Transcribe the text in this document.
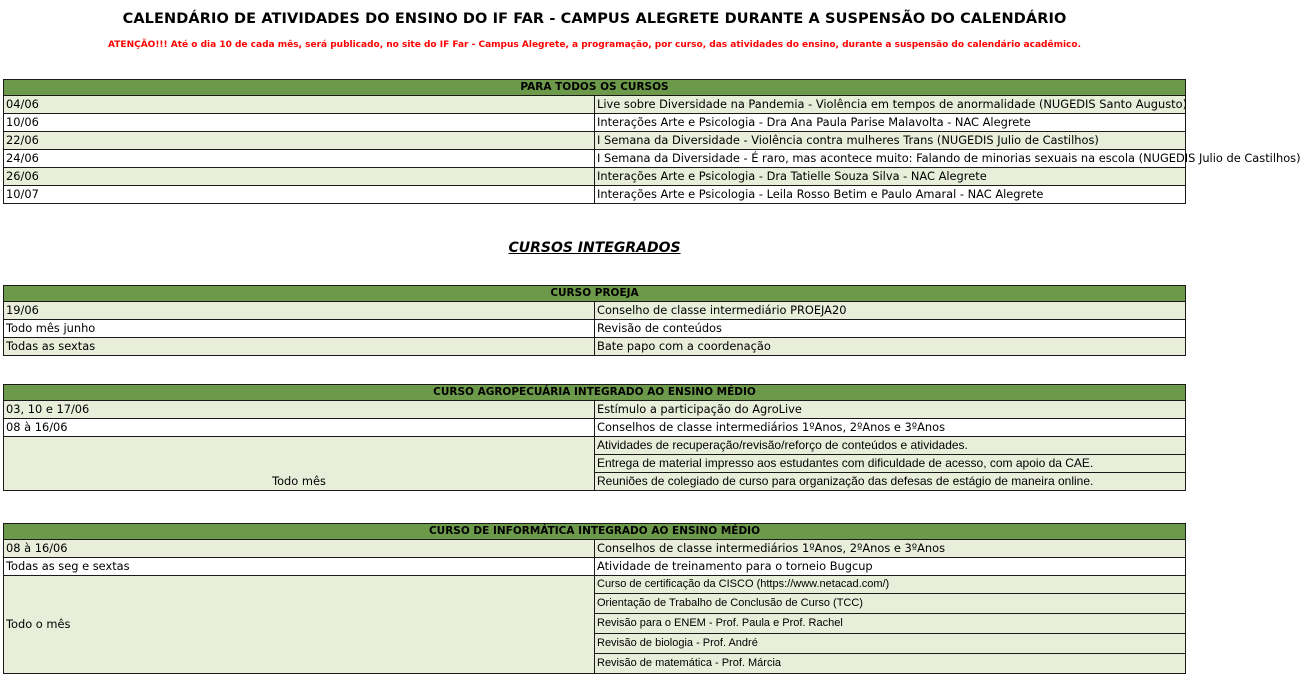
CALENDÁRIO DE ATIVIDADES DO ENSINO DO IF FAR - CAMPUS ALEGRETE DURANTE A SUSPENSÃO DO CALENDÁRIO
ATENÇÃO!!! Até o dia 10 de cada mês, será publicado, no site do IF Far - Campus Alegrete, a programação, por curso, das atividades do ensino, durante a suspensão do calendário acadêmico.
PARA TODOS OS CURSOS	
04/06	Live sobre Diversidade na Pandemia - Violência em tempos de anormalidade (NUGEDIS Santo Augusto)
10/06	Interações Arte e Psicologia - Dra Ana Paula Parise Malavolta - NAC Alegrete
22/06	I Semana da Diversidade - Violência contra mulheres Trans (NUGEDIS Julio de Castilhos)
24/06	I Semana da Diversidade - É raro, mas acontece muito: Falando de minorias sexuais na escola (NUGEDIS Julio de Castilhos)
26/06	Interações Arte e Psicologia - Dra Tatielle Souza Silva - NAC Alegrete
10/07	Interações Arte e Psicologia - Leila Rosso Betim e Paulo Amaral - NAC Alegrete
CURSOS INTEGRADOS
CURSO PROEJA	
19/06	Conselho de classe intermediário PROEJA20
Todo mês junho	Revisão de conteúdos
Todas as sextas	Bate papo com a coordenação
CURSO AGROPECUÁRIA INTEGRADO AO ENSINO MÉDIO	
03, 10 e 17/06	Estímulo a participação do AgroLive
08 à 16/06	Conselhos de classe intermediários 1ºAnos, 2ºAnos e 3ºAnos
Todo mês	Atividades de recuperação/revisão/reforço de conteúdos e atividades.
	Entrega de material impresso aos estudantes com dificuldade de acesso, com apoio da CAE.
	Reuniões de colegiado de curso para organização das defesas de estágio de maneira online.
CURSO DE INFORMÁTICA INTEGRADO AO ENSINO MÉDIO	
08 à 16/06	Conselhos de classe intermediários 1ºAnos, 2ºAnos e 3ºAnos
Todas as seg e sextas	Atividade de treinamento para o torneio Bugcup
Todo o mês	Curso de certificação da CISCO (https://www.netacad.com/)
	Orientação de Trabalho de Conclusão de Curso (TCC)
	Revisão para o ENEM - Prof. Paula e Prof. Rachel
	Revisão de biologia - Prof. André
	Revisão de matemática - Prof. Márcia
